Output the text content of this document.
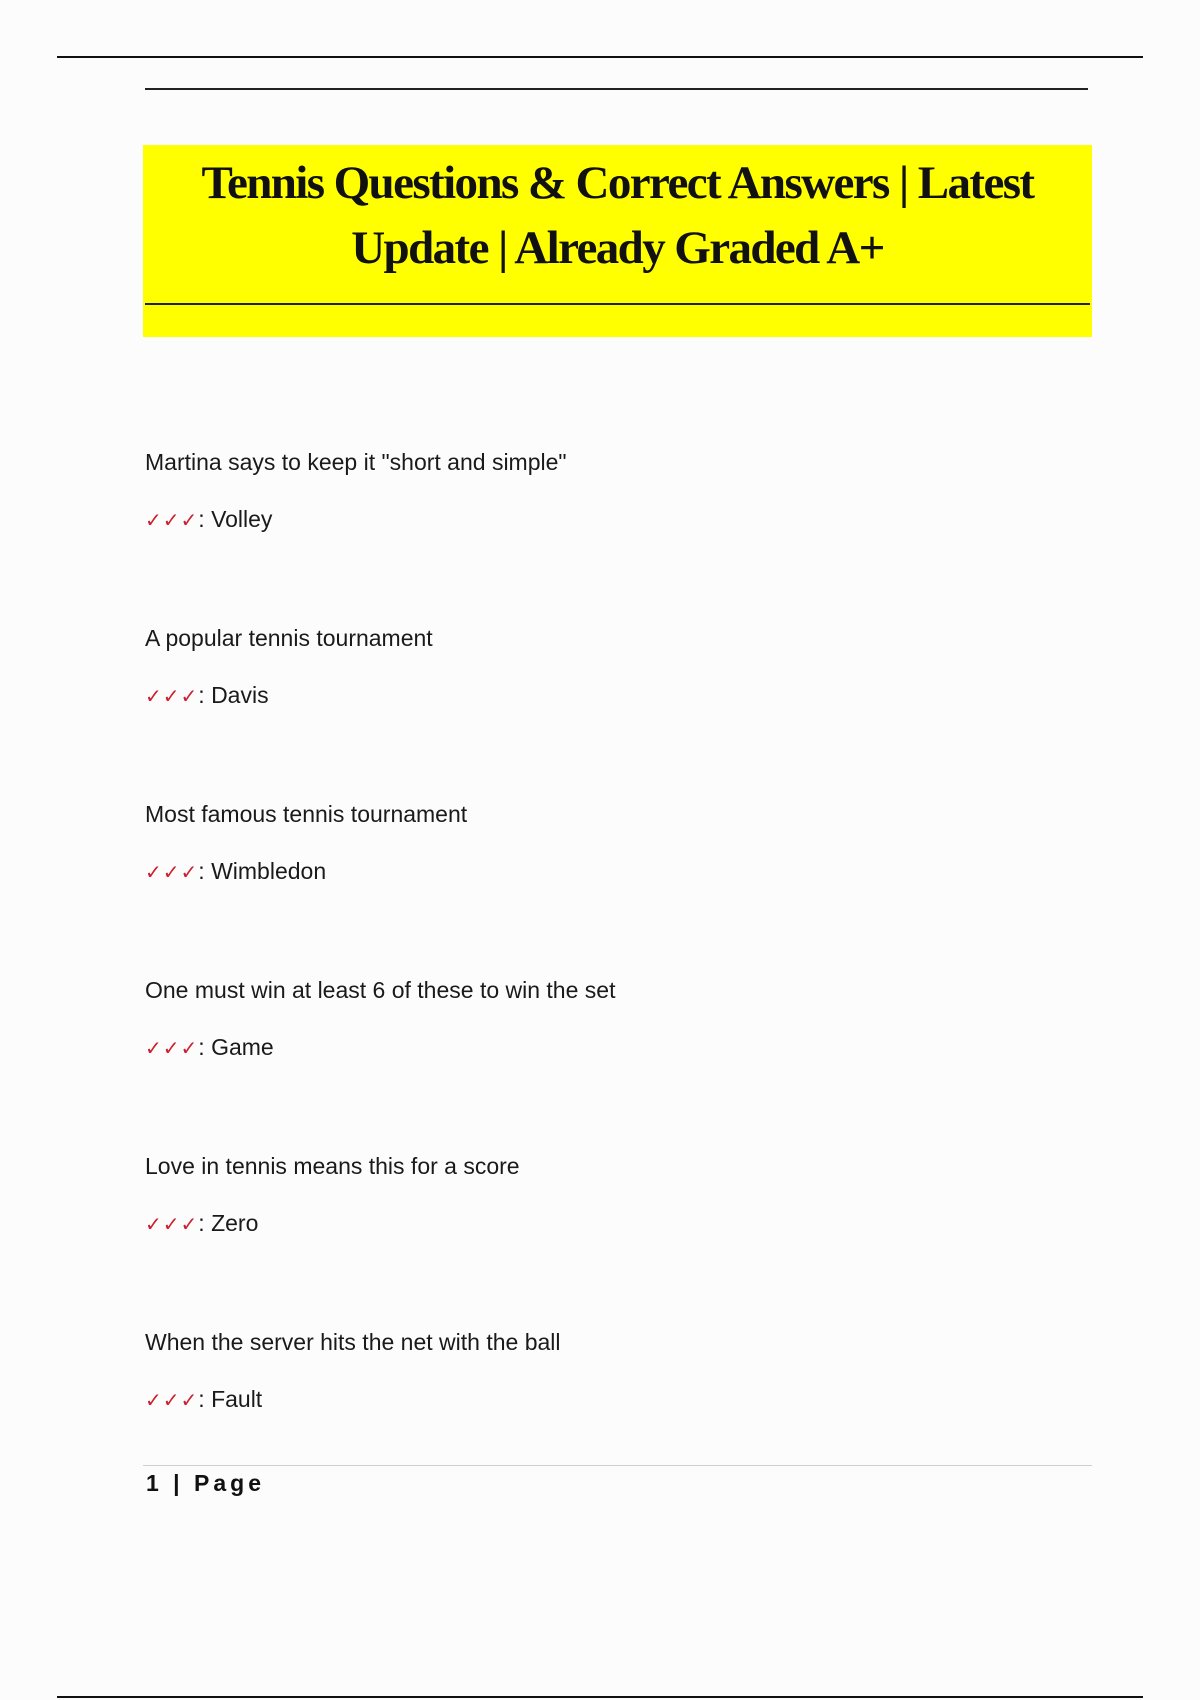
Tennis Questions & Correct Answers | Latest
Update | Already Graded A+
Martina says to keep it "short and simple"
✓✓✓: Volley
A popular tennis tournament
✓✓✓: Davis
Most famous tennis tournament
✓✓✓: Wimbledon
One must win at least 6 of these to win the set
✓✓✓: Game
Love in tennis means this for a score
✓✓✓: Zero
When the server hits the net with the ball
✓✓✓: Fault
1 | Page
